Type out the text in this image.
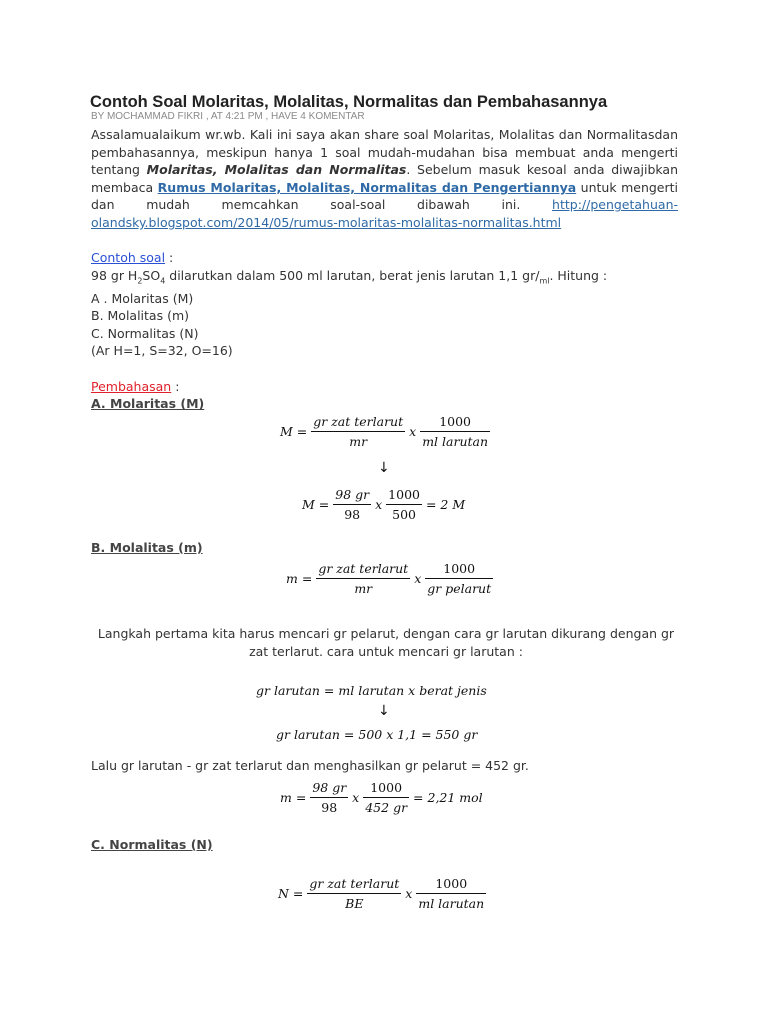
Contoh Soal Molaritas, Molalitas, Normalitas dan Pembahasannya
BY MOCHAMMAD FIKRI , AT 4:21 PM , HAVE 4 KOMENTAR
Assalamualaikum wr.wb. Kali ini saya akan share soal Molaritas, Molalitas dan Normalitasdan pembahasannya, meskipun hanya 1 soal mudah-mudahan bisa membuat anda mengerti tentang Molaritas, Molalitas dan Normalitas. Sebelum masuk kesoal anda diwajibkan membaca Rumus Molaritas, Molalitas, Normalitas dan Pengertiannya untuk mengerti dan mudah memcahkan soal-soal dibawah ini. http://pengetahuan-olandsky.blogspot.com/2014/05/rumus-molaritas-molalitas-normalitas.html
Contoh soal :
98 gr $H_2SO_4$ dilarutkan dalam 500 ml larutan, berat jenis larutan 1,1 $gr/_{ml}$. Hitung :
A . Molaritas (M)
B. Molalitas (m)
C. Normalitas (N)
(Ar H=1, S=32, O=16)

Pembahasan :
A. Molaritas (M)
$M = \frac{\text{gr zat terlarut}}{mr}$ x $\frac{1000}{\text{ml larutan}}$
↓
$M = \frac{98 gr}{98}$ x $\frac{1000}{500} = 2$ M
B. Molalitas (m)
$m = \frac{\text{gr zat terlarut}}{mr}$ x $\frac{1000}{\text{gr pelarut}}$
Langkah pertama kita harus mencari gr pelarut, dengan cara gr larutan dikurang dengan gr zat terlarut. cara untuk mencari gr larutan :
gr larutan = ml larutan x berat jenis
↓
gr larutan = 500 x 1,1 = 550 gr
Lalu gr larutan - gr zat terlarut dan menghasilkan gr pelarut = 452 gr.
$m = \frac{98 gr}{98}$ x $\frac{1000}{452 gr} = 2,21$ mol
C. Normalitas (N)
$N = \frac{\text{gr zat terlarut}}{BE}$ x $\frac{1000}{\text{ml larutan}}$
